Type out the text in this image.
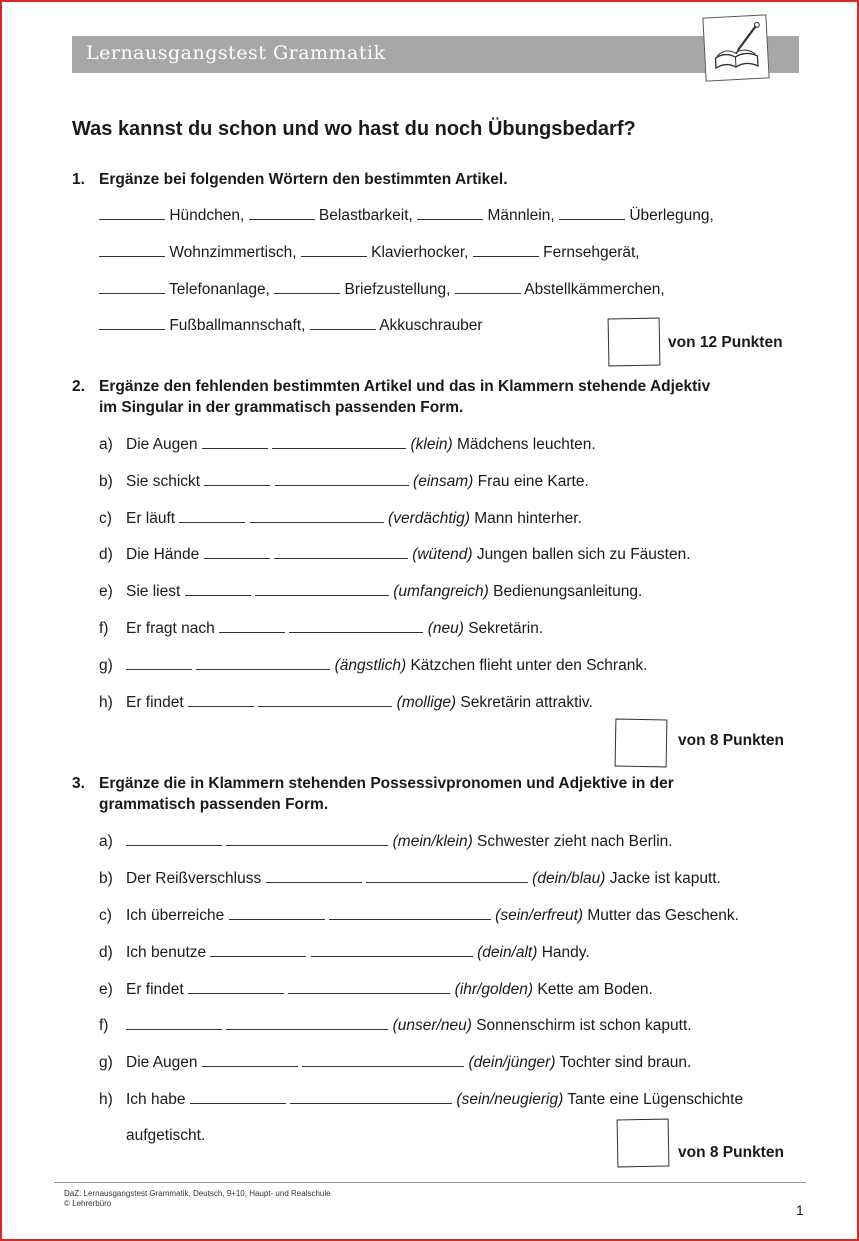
Lernausgangstest Grammatik
Was kannst du schon und wo hast du noch Übungsbedarf?
1. Ergänze bei folgenden Wörtern den bestimmten Artikel.
Hündchen,	Belastbarkeit,	Männlein,	Überlegung,
Wohnzimmertisch,	Klavierhocker,	Fernsehgerät,
Telefonanlage,	Briefzustellung,	Abstellkämmerchen,
Fußballmannschaft,	Akkuschrauber
von 12 Punkten
2. Ergänze den fehlenden bestimmten Artikel und das in Klammern stehende Adjektiv
im Singular in der grammatisch passenden Form.
a) Die Augen	(klein) Mädchens leuchten.
b) Sie schickt	(einsam) Frau eine Karte.
c) Er läuft	(verdächtig) Mann hinterher.
d) Die Hände	(wütend) Jungen ballen sich zu Fäusten.
e) Sie liest	(umfangreich) Bedienungsanleitung.
f) Er fragt nach	(neu) Sekretärin.
g)	(ängstlich) Kätzchen flieht unter den Schrank.
h) Er findet	(mollige) Sekretärin attraktiv.
von 8 Punkten
3. Ergänze die in Klammern stehenden Possessivpronomen und Adjektive in der
grammatisch passenden Form.
a)	(mein/klein) Schwester zieht nach Berlin.
b) Der Reißverschluss	(dein/blau) Jacke ist kaputt.
c) Ich überreiche	(sein/erfreut) Mutter das Geschenk.
d) Ich benutze	(dein/alt) Handy.
e) Er findet	(ihr/golden) Kette am Boden.
f)	(unser/neu) Sonnenschirm ist schon kaputt.
g) Die Augen	(dein/jünger) Tochter sind braun.
h) Ich habe	(sein/neugierig) Tante eine Lügenschichte
aufgetischt.
von 8 Punkten
DaZ: Lernausgangstest Grammatik, Deutsch, 9+10, Haupt- und Realschule
© Lehrerbüro	1
